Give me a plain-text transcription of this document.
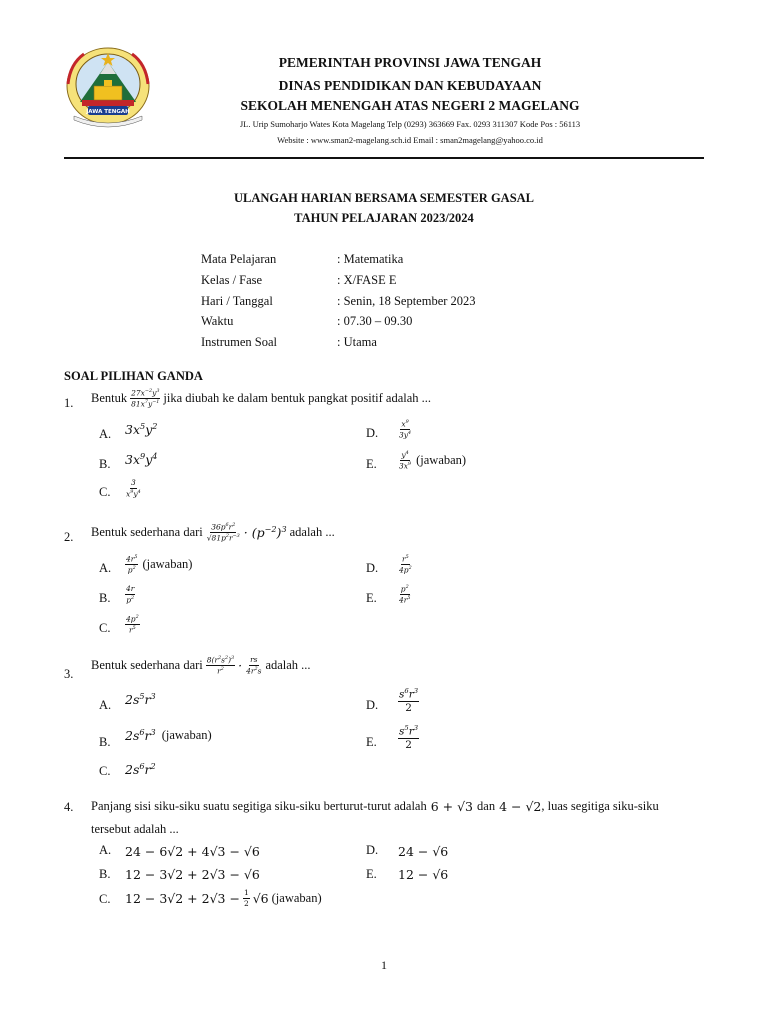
JAWA TENGAH
PEMERINTAH PROVINSI JAWA TENGAH
DINAS PENDIDIKAN DAN KEBUDAYAAN
SEKOLAH MENENGAH ATAS NEGERI 2 MAGELANG
JL. Urip Sumoharjo Wates Kota Magelang Telp (0293) 363669 Fax. 0293 311307 Kode Pos : 56113
Website : www.sman2-magelang.sch.id Email : sman2magelang@yahoo.co.id
ULANGAH HARIAN BERSAMA SEMESTER GASAL
TAHUN PELAJARAN 2023/2024
Mata Pelajaran	: Matematika
Kelas / Fase	: X/FASE E
Hari / Tanggal	: Senin, 18 September 2023
Waktu	: 07.30 – 09.30
Instrumen Soal	: Utama
SOAL PILIHAN GANDA
1. Bentuk $\frac{27x^{-2}y^3}{81x^7y^{-1}}$ jika diubah ke dalam bentuk pangkat positif adalah ...
A. $3x^5y^2$
B. $3x^9y^4$
C. $\frac{3}{x^9y^4}$
D.	$\frac{x^9}{3y^4}$
E.	$\frac{y^4}{3x^9}$ (jawaban)
2. Bentuk sederhana dari $\frac{36p^6r^2}{√81p^2r^{-3}} \cdot (p^{-2})^3$ adalah ...
A. $\frac{4r^5}{p^2}$ (jawaban)
B. $\frac{4r}{p^2}$
C. $\frac{4p^2}{r^5}$
D.	$\frac{r^5}{4p^2}$
E.	$\frac{p^2}{4r^5}$
3.
Bentuk sederhana dari $\frac{8(r^2s^2)^3}{r^2} \cdot \frac{rs}{4r^2s}$ adalah ...
A. $2s^5r^3$
B. $2s^6r^3$ (jawaban)
C. $2s^6r^2$
D. $\frac{s^6r^3}{2}$
E. $\frac{s^5r^3}{2}$
4. Panjang sisi siku-siku suatu segitiga siku-siku berturut-turut adalah 6 + √3 dan 4 − √2 , luas segitiga siku-siku
tersebut adalah ...
A. 24 − 6√2 + 4√3 − √6
B. 12 − 3√2 + 2√3 − √6
C. $12 - 3√2 + 2√3 - \frac{1}{2} √6$ (jawaban)
D. 24 − √6
E. 12 − √6
1
